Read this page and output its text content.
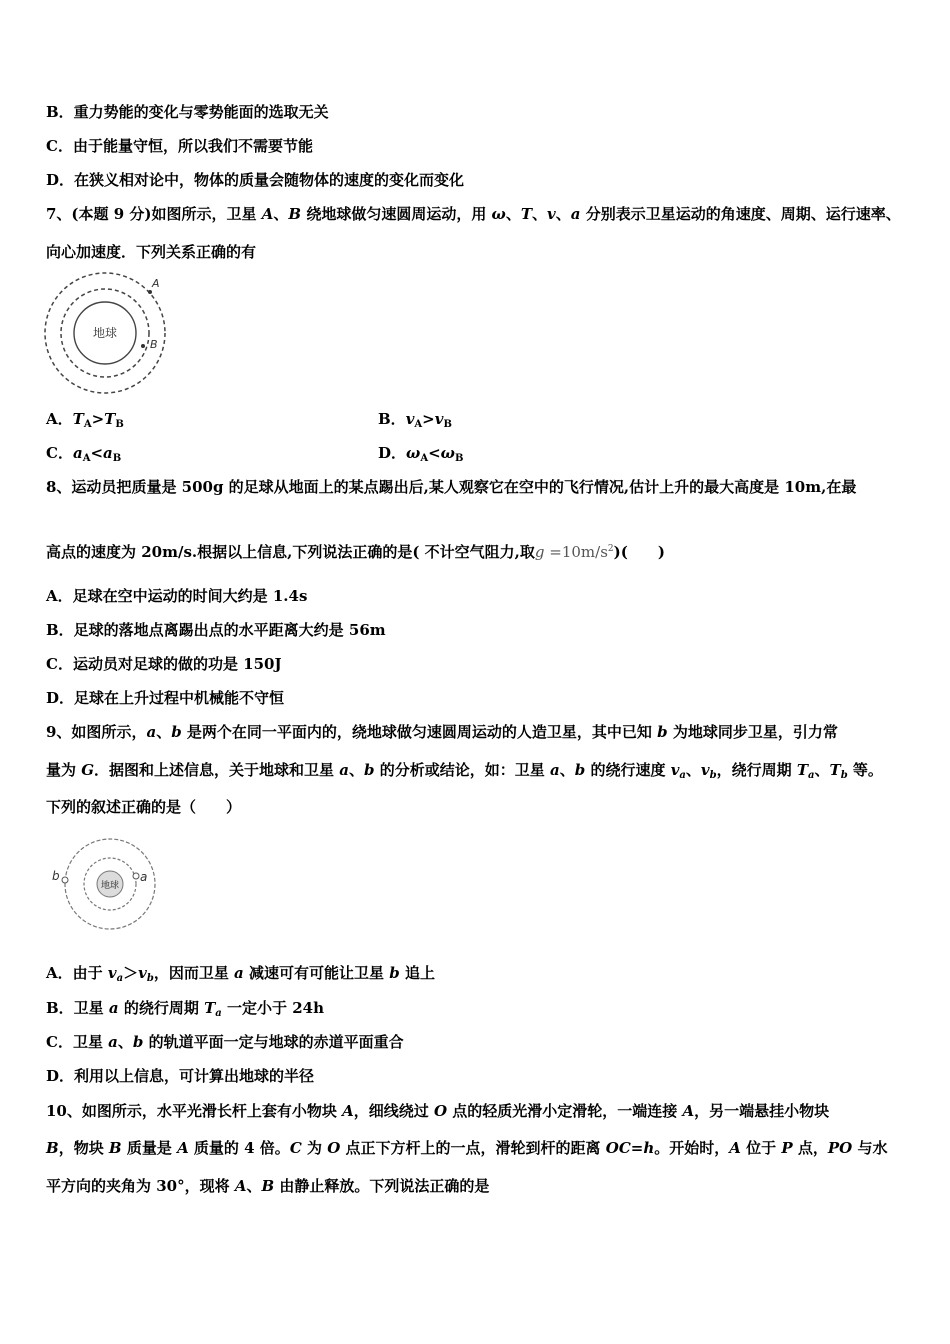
B．重力势能的变化与零势能面的选取无关
C．由于能量守恒，所以我们不需要节能
D．在狭义相对论中，物体的质量会随物体的速度的变化而变化
7、(本题 9 分)如图所示，卫星 A、B 绕地球做匀速圆周运动，用 ω、T、v、a 分别表示卫星运动的角速度、周期、运行速率、
向心加速度．下列关系正确的有
地球
A
B
A．$T_A>T_B$	B．$v_A>v_B$
C．$a_A<a_B$	D．$\omega_A<\omega_B$
8、运动员把质量是 500g 的足球从地面上的某点踢出后,某人观察它在空中的飞行情况,估计上升的最大高度是 10m,在最
高点的速度为 20m/s.根据以上信息,下列说法正确的是( 不计空气阻力,取$g =10m/s^2$)(　　)
A．足球在空中运动的时间大约是 1.4s
B．足球的落地点离踢出点的水平距离大约是 56m
C．运动员对足球的做的功是 150J
D．足球在上升过程中机械能不守恒
9、如图所示，a、b 是两个在同一平面内的，绕地球做匀速圆周运动的人造卫星，其中已知 b 为地球同步卫星，引力常
量为 G．据图和上述信息，关于地球和卫星 a、b 的分析或结论，如：卫星 a、b 的绕行速度 $v_a$、$v_b$，绕行周期 $T_a$、$T_b$ 等。
下列的叙述正确的是（　　）
地球
a
b
A．由于 $v_a>v_b$，因而卫星 a 减速可有可能让卫星 b 追上
B．卫星 a 的绕行周期 $T_a$ 一定小于 24h
C．卫星 a、b 的轨道平面一定与地球的赤道平面重合
D．利用以上信息，可计算出地球的半径
10、如图所示，水平光滑长杆上套有小物块 A，细线绕过 O 点的轻质光滑小定滑轮，一端连接 A，另一端悬挂小物块
B，物块 B 质量是 A 质量的 4 倍。C 为 O 点正下方杆上的一点，滑轮到杆的距离 OC=h。开始时，A 位于 P 点，PO 与水
平方向的夹角为 30°，现将 A、B 由静止释放。下列说法正确的是
